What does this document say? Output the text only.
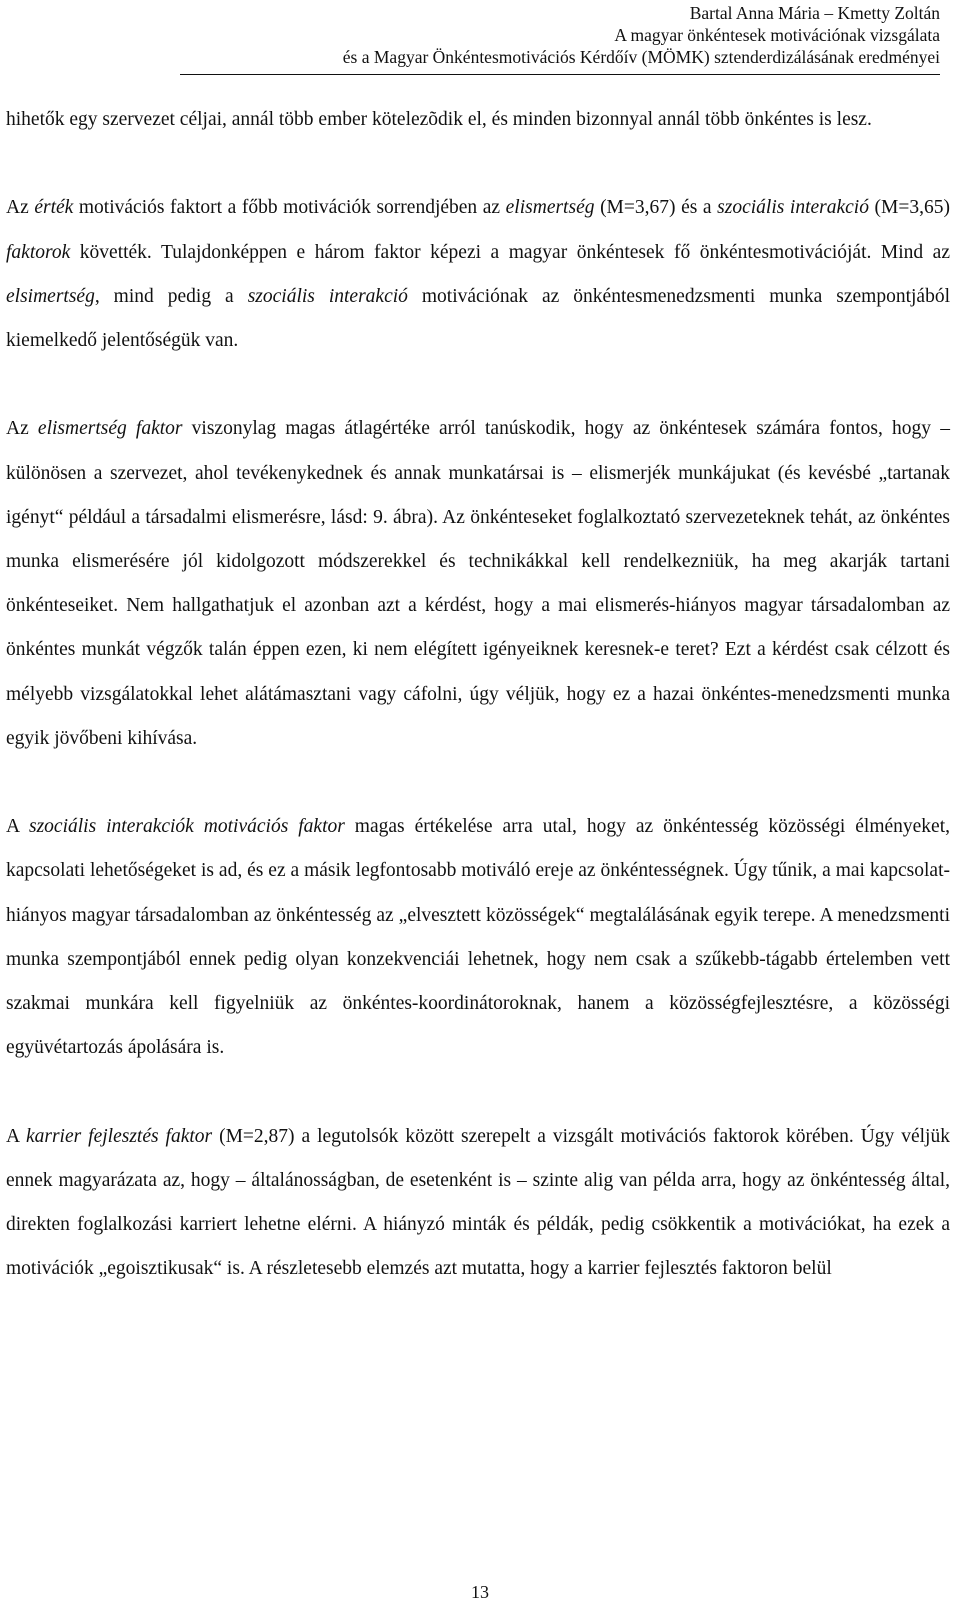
Bartal Anna Mária – Kmetty Zoltán
A magyar önkéntesek motivációnak vizsgálata
és a Magyar Önkéntesmotivációs Kérdőív (MÖMK) sztenderdizálásának eredményei

hihetők egy szervezet céljai, annál több ember kötelezõdik el, és minden bizonnyal annál több önkéntes is lesz.

Az érték motivációs faktort a főbb motivációk sorrendjében az elismertség (M=3,67) és a szociális interakció (M=3,65) faktorok követték. Tulajdonképpen e három faktor képezi a magyar önkéntesek fő önkéntesmotivációját. Mind az elsimertség, mind pedig a szociális interakció motivációnak az önkéntesmenedzsmenti munka szempontjából kiemelkedő jelentőségük van.

Az elismertség faktor viszonylag magas átlagértéke arról tanúskodik, hogy az önkéntesek számára fontos, hogy – különösen a szervezet, ahol tevékenykednek és annak munkatársai is – elismerjék munkájukat (és kevésbé „tartanak igényt“ például a társadalmi elismerésre, lásd: 9. ábra). Az önkénteseket foglalkoztató szervezeteknek tehát, az önkéntes munka elismerésére jól kidolgozott módszerekkel és technikákkal kell rendelkezniük, ha meg akarják tartani önkénteseiket. Nem hallgathatjuk el azonban azt a kérdést, hogy a mai elismerés-hiányos magyar társadalomban az önkéntes munkát végzők talán éppen ezen, ki nem elégített igényeiknek keresnek-e teret? Ezt a kérdést csak célzott és mélyebb vizsgálatokkal lehet alátámasztani vagy cáfolni, úgy véljük, hogy ez a hazai önkéntes-menedzsmenti munka egyik jövőbeni kihívása.

A szociális interakciók motivációs faktor magas értékelése arra utal, hogy az önkéntesség közösségi élményeket, kapcsolati lehetőségeket is ad, és ez a másik legfontosabb motiváló ereje az önkéntességnek. Úgy tűnik, a mai kapcsolat-hiányos magyar társadalomban az önkéntesség az „elvesztett közösségek“ megtalálásának egyik terepe. A menedzsmenti munka szempontjából ennek pedig olyan konzekvenciái lehetnek, hogy nem csak a szűkebb-tágabb értelemben vett szakmai munkára kell figyelniük az önkéntes-koordinátoroknak, hanem a közösségfejlesztésre, a közösségi együvétartozás ápolására is.

A karrier fejlesztés faktor (M=2,87) a legutolsók között szerepelt a vizsgált motivációs faktorok körében. Úgy véljük ennek magyarázata az, hogy – általánosságban, de esetenként is – szinte alig van példa arra, hogy az önkéntesség által, direkten foglalkozási karriert lehetne elérni. A hiányzó minták és példák, pedig csökkentik a motivációkat, ha ezek a motivációk „egoisztikusak“ is. A részletesebb elemzés azt mutatta, hogy a karrier fejlesztés faktoron belül

13
